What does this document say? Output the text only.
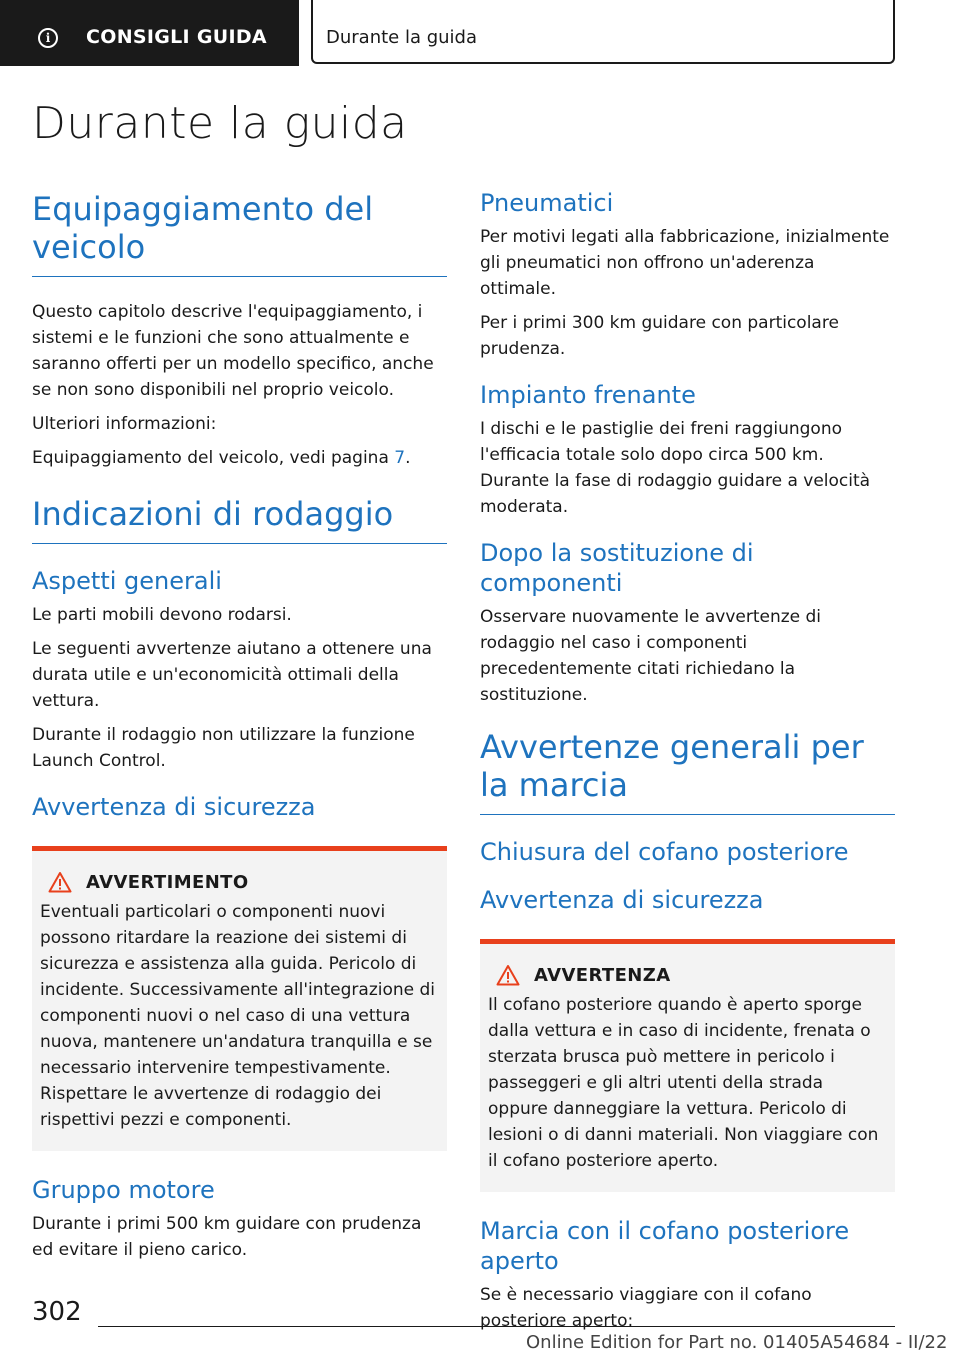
i	CONSIGLI GUIDA	Durante la guida
Durante la guida
Equipaggiamento del veicolo

Questo capitolo descrive l'equipaggiamento, i sistemi e le funzioni che sono attualmente e saranno offerti per un modello specifico, anche se non sono disponibili nel proprio veicolo.

Ulteriori informazioni:

Equipaggiamento del veicolo, vedi pagina 7.

Indicazioni di rodaggio
Aspetti generali

Le parti mobili devono rodarsi.

Le seguenti avvertenze aiutano a ottenere una durata utile e un'economicità ottimali della vettura.

Durante il rodaggio non utilizzare la funzione Launch Control.

Avvertenza di sicurezza
AVVERTIMENTO

Eventuali particolari o componenti nuovi possono ritardare la reazione dei sistemi di sicurezza e assistenza alla guida. Pericolo di incidente. Successivamente all'integrazione di componenti nuovi o nel caso di una vettura nuova, mantenere un'andatura tranquilla e se necessario intervenire tempestivamente. Rispettare le avvertenze di rodaggio dei rispettivi pezzi e componenti.

Gruppo motore

Durante i primi 500 km guidare con prudenza ed evitare il pieno carico.

Pneumatici

Per motivi legati alla fabbricazione, inizialmente gli pneumatici non offrono un'aderenza ottimale.

Per i primi 300 km guidare con particolare prudenza.

Impianto frenante

I dischi e le pastiglie dei freni raggiungono l'efficacia totale solo dopo circa 500 km. Durante la fase di rodaggio guidare a velocità moderata.

Dopo la sostituzione di componenti

Osservare nuovamente le avvertenze di rodaggio nel caso i componenti precedentemente citati richiedano la sostituzione.

Avvertenze generali per la marcia
Chiusura del cofano posteriore
Avvertenza di sicurezza
AVVERTENZA

Il cofano posteriore quando è aperto sporge dalla vettura e in caso di incidente, frenata o sterzata brusca può mettere in pericolo i passeggeri e gli altri utenti della strada oppure danneggiare la vettura. Pericolo di lesioni o di danni materiali. Non viaggiare con il cofano posteriore aperto.

Marcia con il cofano posteriore aperto

Se è necessario viaggiare con il cofano posteriore aperto:

302
Online Edition for Part no. 01405A54684 - II/22
